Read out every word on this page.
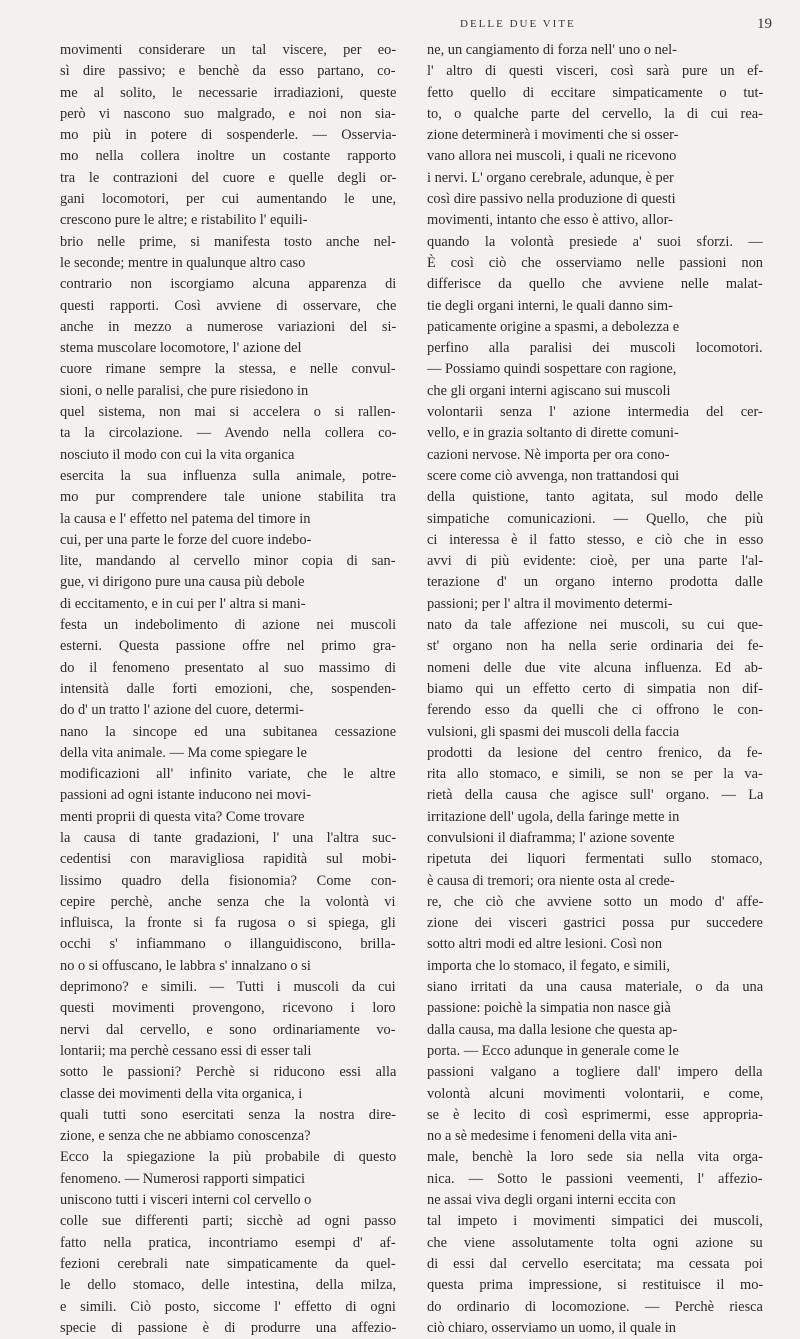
DELLE DUE VITE	19
movimenti considerare un tal viscere, per eo-
sì dire passivo; e benchè da esso partano, co-
me al solito, le necessarie irradiazioni, queste
però vi nascono suo malgrado, e noi non sia-
mo più in potere di sospenderle. — Osservia-
mo nella collera inoltre un costante rapporto
tra le contrazioni del cuore e quelle degli or-
gani locomotori, per cui aumentando le une,
crescono pure le altre; e ristabilito l' equili-
brio nelle prime, si manifesta tosto anche nel-
le seconde; mentre in qualunque altro caso
contrario non iscorgiamo alcuna apparenza di
questi rapporti. Così avviene di osservare, che
anche in mezzo a numerose variazioni del si-
stema muscolare locomotore, l' azione del
cuore rimane sempre la stessa, e nelle convul-
sioni, o nelle paralisi, che pure risiedono in
quel sistema, non mai si accelera o si rallen-
ta la circolazione. — Avendo nella collera co-
nosciuto il modo con cui la vita organica
esercita la sua influenza sulla animale, potre-
mo pur comprendere tale unione stabilita tra
la causa e l' effetto nel patema del timore in
cui, per una parte le forze del cuore indebo-
lite, mandando al cervello minor copia di san-
gue, vi dirigono pure una causa più debole
di eccitamento, e in cui per l' altra si mani-
festa un indebolimento di azione nei muscoli
esterni. Questa passione offre nel primo gra-
do il fenomeno presentato al suo massimo di
intensità dalle forti emozioni, che, sospenden-
do d' un tratto l' azione del cuore, determi-
nano la sincope ed una subitanea cessazione
della vita animale. — Ma come spiegare le
modificazioni all' infinito variate, che le altre
passioni ad ogni istante inducono nei movi-
menti proprii di questa vita? Come trovare
la causa di tante gradazioni, l' una l'altra suc-
cedentisi con maravigliosa rapidità sul mobi-
lissimo quadro della fisionomia? Come con-
cepire perchè, anche senza che la volontà vi
influisca, la fronte si fa rugosa o si spiega, gli
occhi s' infiammano o illanguidiscono, brilla-
no o si offuscano, le labbra s' innalzano o si
deprimono? e simili. — Tutti i muscoli da cui
questi movimenti provengono, ricevono i loro
nervi dal cervello, e sono ordinariamente vo-
lontarii; ma perchè cessano essi di esser tali
sotto le passioni? Perchè si riducono essi alla
classe dei movimenti della vita organica, i
quali tutti sono esercitati senza la nostra dire-
zione, e senza che ne abbiamo conoscenza?
Ecco la spiegazione la più probabile di questo
fenomeno. — Numerosi rapporti simpatici
uniscono tutti i visceri interni col cervello o
colle sue differenti parti; sicchè ad ogni passo
fatto nella pratica, incontriamo esempi d' af-
fezioni cerebrali nate simpaticamente da quel-
le dello stomaco, delle intestina, della milza,
e simili. Ciò posto, siccome l' effetto di ogni
specie di passione è di produrre una affezio-
ne, un cangiamento di forza nell' uno o nel-
l' altro di questi visceri, così sarà pure un ef-
fetto quello di eccitare simpaticamente o tut-
to, o qualche parte del cervello, la di cui rea-
zione determinerà i movimenti che si osser-
vano allora nei muscoli, i quali ne ricevono
i nervi. L' organo cerebrale, adunque, è per
così dire passivo nella produzione di questi
movimenti, intanto che esso è attivo, allor-
quando la volontà presiede a' suoi sforzi. —
È così ciò che osserviamo nelle passioni non
differisce da quello che avviene nelle malat-
tie degli organi interni, le quali danno sim-
paticamente origine a spasmi, a debolezza e
perfino alla paralisi dei muscoli locomotori.
— Possiamo quindi sospettare con ragione,
che gli organi interni agiscano sui muscoli
volontarii senza l' azione intermedia del cer-
vello, e in grazia soltanto di dirette comuni-
cazioni nervose. Nè importa per ora cono-
scere come ciò avvenga, non trattandosi qui
della quistione, tanto agitata, sul modo delle
simpatiche comunicazioni. — Quello, che più
ci interessa è il fatto stesso, e ciò che in esso
avvi di più evidente: cioè, per una parte l'al-
terazione d' un organo interno prodotta dalle
passioni; per l' altra il movimento determi-
nato da tale affezione nei muscoli, su cui que-
st' organo non ha nella serie ordinaria dei fe-
nomeni delle due vite alcuna influenza. Ed ab-
biamo qui un effetto certo di simpatia non dif-
ferendo esso da quelli che ci offrono le con-
vulsioni, gli spasmi dei muscoli della faccia
prodotti da lesione del centro frenico, da fe-
rita allo stomaco, e simili, se non se per la va-
rietà della causa che agisce sull' organo. — La
irritazione dell' ugola, della faringe mette in
convulsioni il diaframma; l' azione sovente
ripetuta dei liquori fermentati sullo stomaco,
è causa di tremori; ora niente osta al crede-
re, che ciò che avviene sotto un modo d' affe-
zione dei visceri gastrici possa pur succedere
sotto altri modi ed altre lesioni. Così non
importa che lo stomaco, il fegato, e simili,
siano irritati da una causa materiale, o da una
passione: poichè la simpatia non nasce già
dalla causa, ma dalla lesione che questa ap-
porta. — Ecco adunque in generale come le
passioni valgano a togliere dall' impero della
volontà alcuni movimenti volontarii, e come,
se è lecito di così esprimermi, esse appropria-
no a sè medesime i fenomeni della vita ani-
male, benchè la loro sede sia nella vita orga-
nica. — Sotto le passioni veementi, l' affezio-
ne assai viva degli organi interni eccita con
tal impeto i movimenti simpatici dei muscoli,
che viene assolutamente tolta ogni azione su
di essi dal cervello esercitata; ma cessata poi
questa prima impressione, si restituisce il mo-
do ordinario di locomozione. — Perchè riesca
ciò chiaro, osserviamo un uomo, il quale in
